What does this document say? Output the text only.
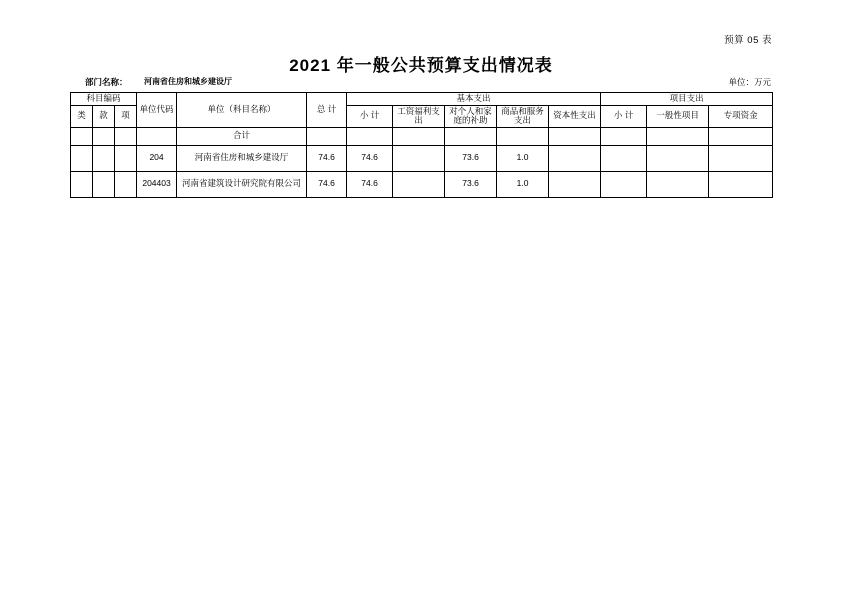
预算 05 表
2021 年一般公共预算支出情况表
部门名称： 河南省住房和城乡建设厅	单位：万元
科目编码			单位代码	单位（科目名称）	总 计	基本支出					项目支出		
类	款	项				小 计	工资福利支出	对个人和家庭的补助	商品和服务支出	资本性支出	小 计	一般性项目	专项资金
				合计									
			204	河南省住房和城乡建设厅	74.6	74.6		73.6	1.0				
			204403	河南省建筑设计研究院有限公司	74.6	74.6		73.6	1.0				
